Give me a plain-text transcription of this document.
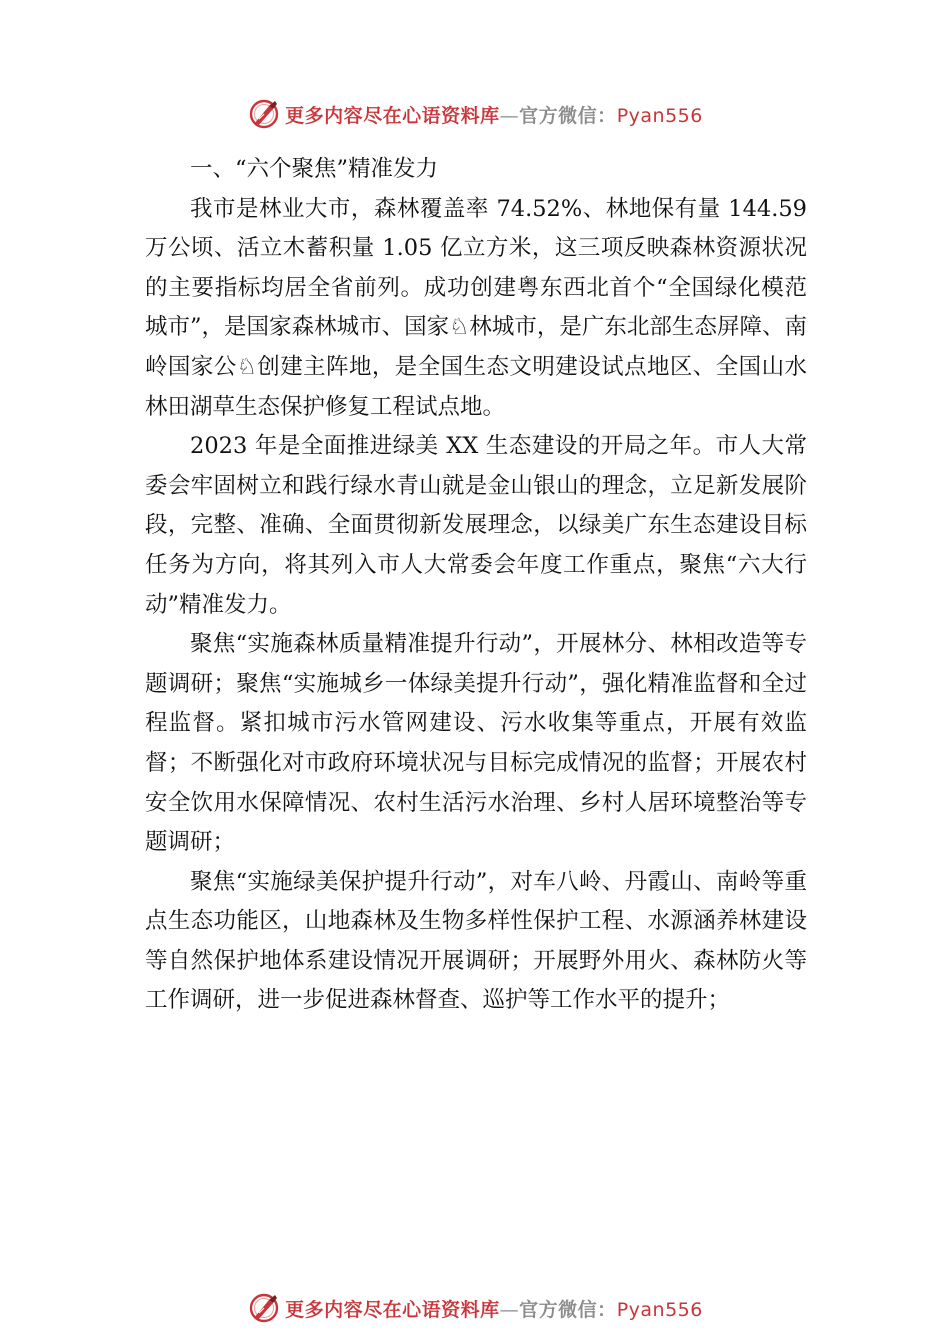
更多内容尽在心语资料库—官方微信：Pyan556

一、“六个聚焦”精准发力

我市是林业大市，森林覆盖率 74.52%、林地保有量 144.59 万公顷、活立木蓄积量 1.05 亿立方米，这三项反映森林资源状况的主要指标均居全省前列。成功创建粤东西北首个“全国绿化模范城市”，是国家森林城市、国家♘林城市，是广东北部生态屏障、南岭国家公♘创建主阵地，是全国生态文明建设试点地区、全国山水林田湖草生态保护修复工程试点地。

2023 年是全面推进绿美 XX 生态建设的开局之年。市人大常委会牢固树立和践行绿水青山就是金山银山的理念，立足新发展阶段，完整、准确、全面贯彻新发展理念，以绿美广东生态建设目标任务为方向，将其列入市人大常委会年度工作重点，聚焦“六大行动”精准发力。

聚焦“实施森林质量精准提升行动”，开展林分、林相改造等专题调研；聚焦“实施城乡一体绿美提升行动”，强化精准监督和全过程监督。紧扣城市污水管网建设、污水收集等重点，开展有效监督；不断强化对市政府环境状况与目标完成情况的监督；开展农村安全饮用水保障情况、农村生活污水治理、乡村人居环境整治等专题调研；

聚焦“实施绿美保护提升行动”，对车八岭、丹霞山、南岭等重点生态功能区，山地森林及生物多样性保护工程、水源涵养林建设等自然保护地体系建设情况开展调研；开展野外用火、森林防火等工作调研，进一步促进森林督查、巡护等工作水平的提升；

更多内容尽在心语资料库—官方微信：Pyan556
